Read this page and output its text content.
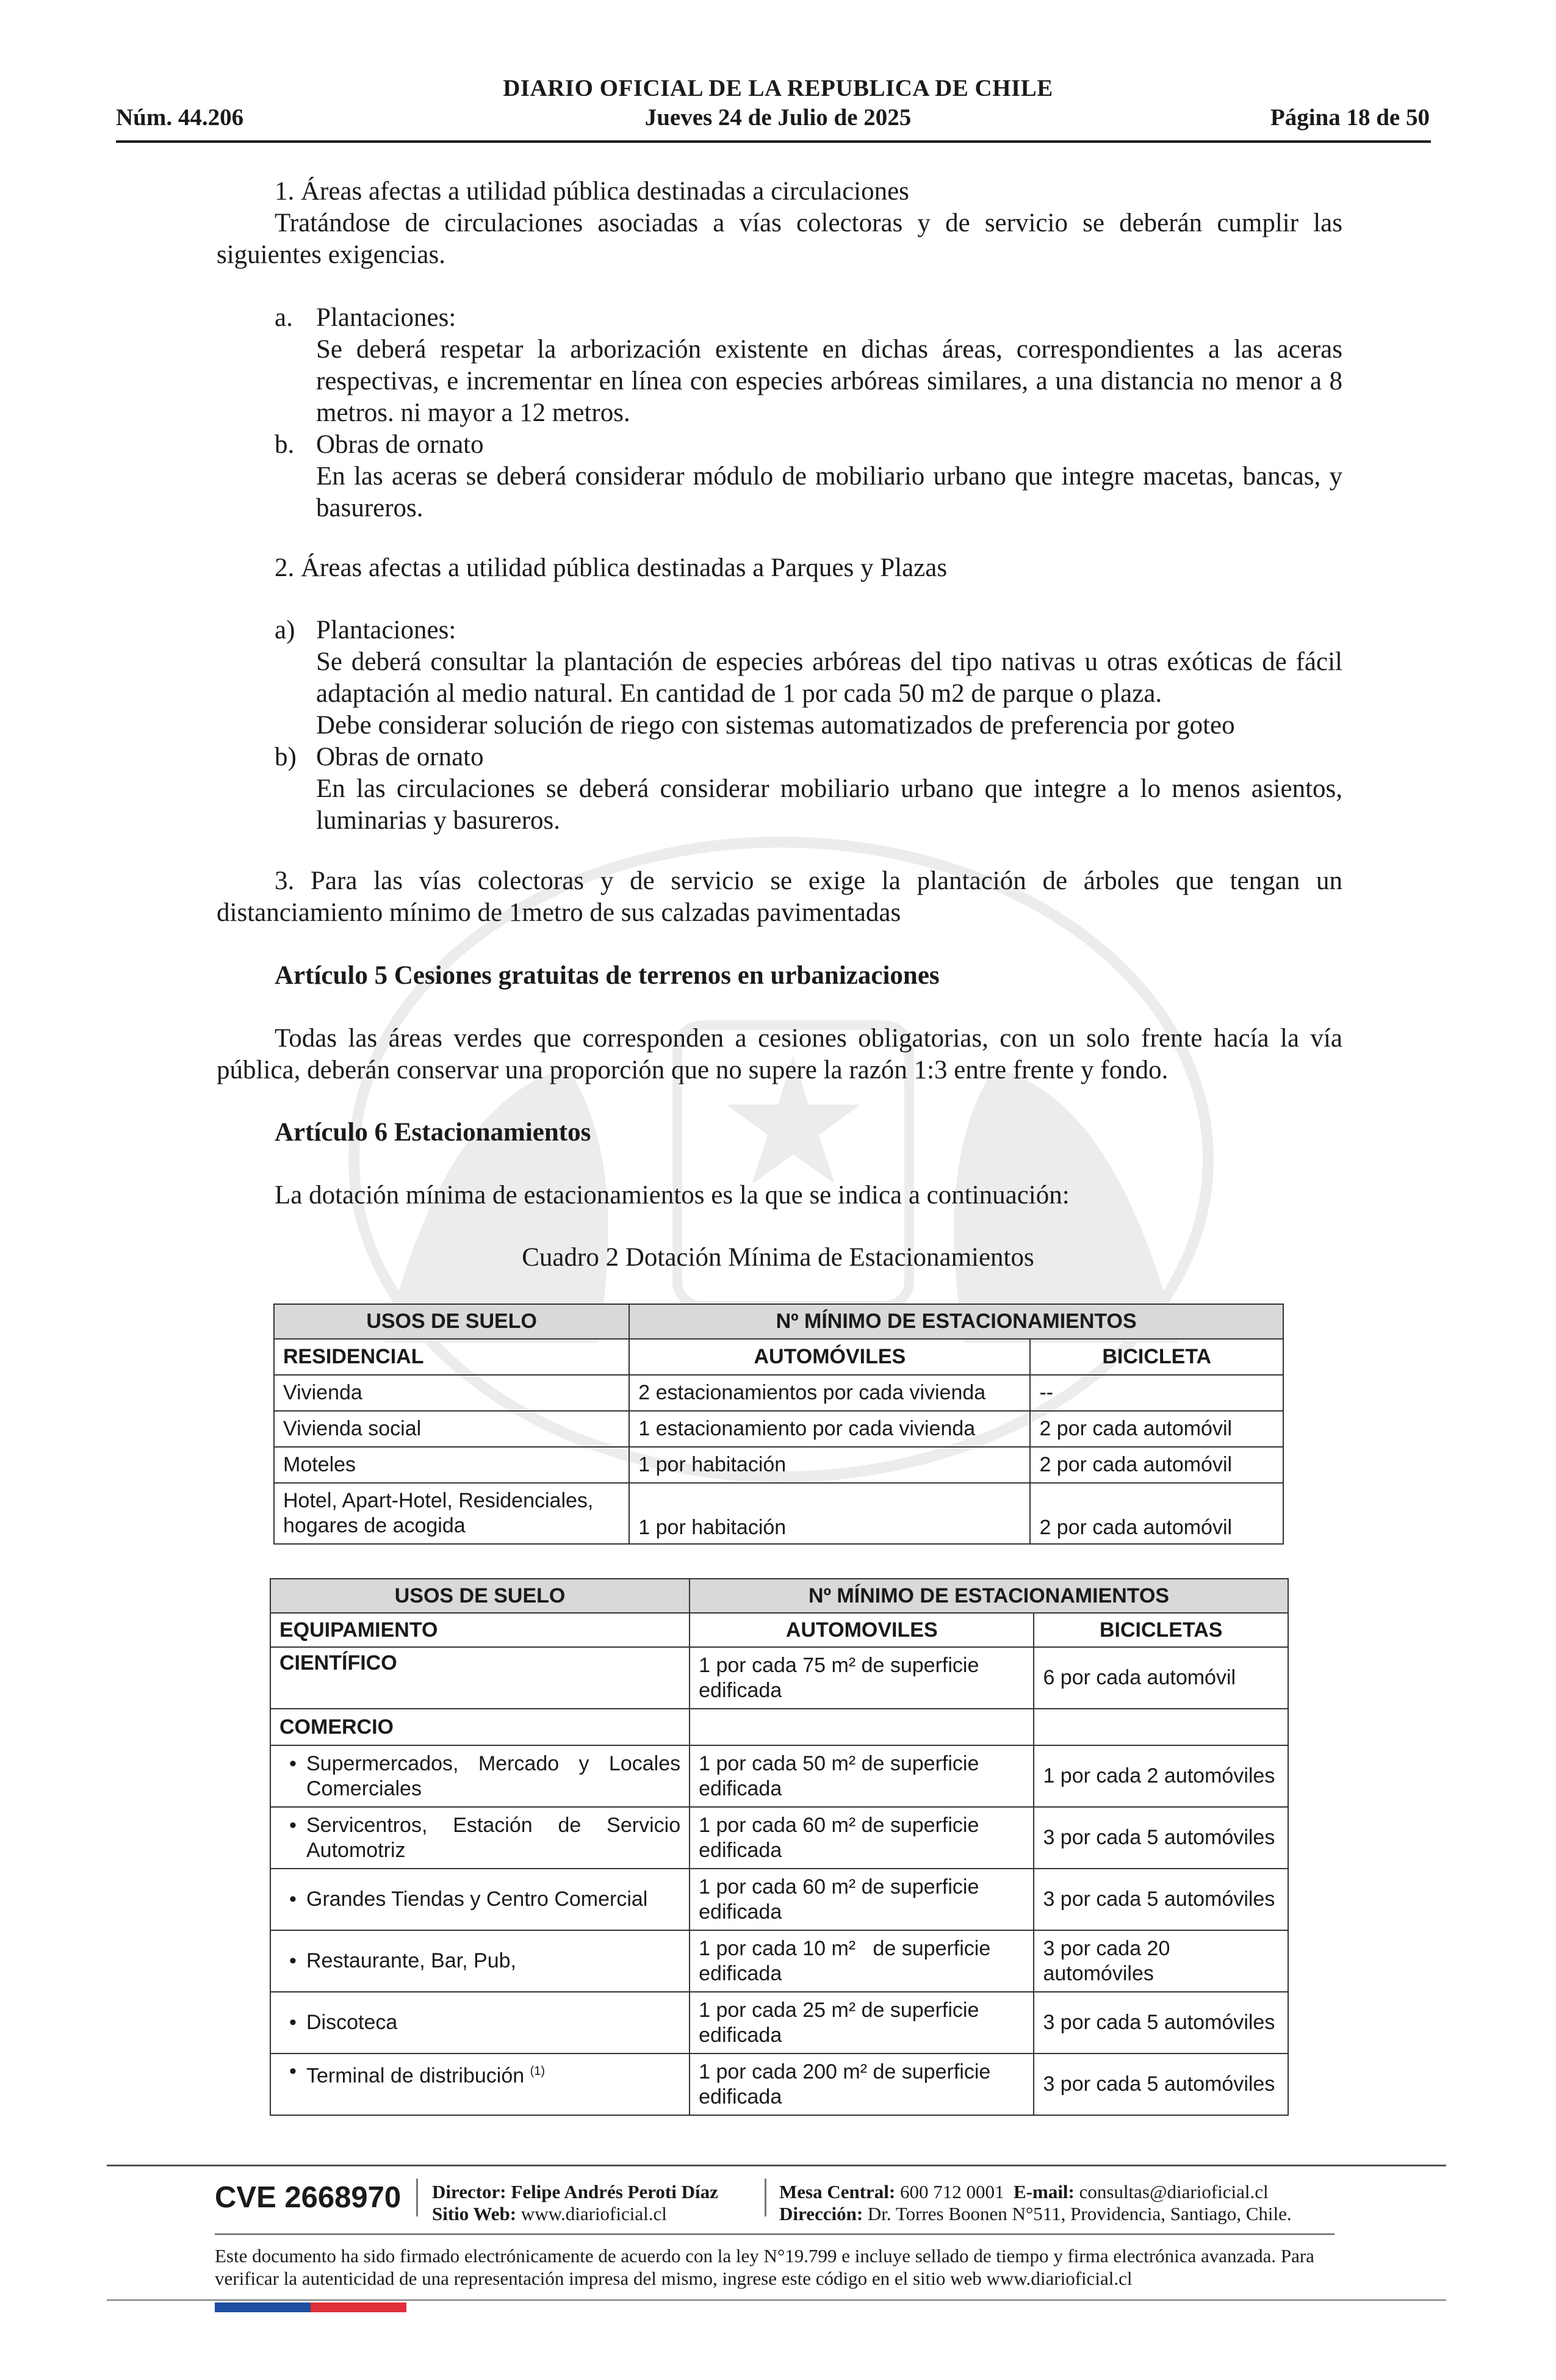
DIARIO OFICIAL DE LA REPUBLICA DE CHILE
Núm. 44.206	Jueves 24 de Julio de 2025	Página 18 de 50
1. Áreas afectas a utilidad pública destinadas a circulaciones
Tratándose de circulaciones asociadas a vías colectoras y de servicio se deberán cumplir las siguientes exigencias.
a. Plantaciones:
Se deberá respetar la arborización existente en dichas áreas, correspondientes a las aceras respectivas, e incrementar en línea con especies arbóreas similares, a una distancia no menor a 8 metros. ni mayor a 12 metros.
b. Obras de ornato
En las aceras se deberá considerar módulo de mobiliario urbano que integre macetas, bancas, y basureros.
2. Áreas afectas a utilidad pública destinadas a Parques y Plazas
a) Plantaciones:
Se deberá consultar la plantación de especies arbóreas del tipo nativas u otras exóticas de fácil adaptación al medio natural. En cantidad de 1 por cada 50 m2 de parque o plaza.
Debe considerar solución de riego con sistemas automatizados de preferencia por goteo
b) Obras de ornato
En las circulaciones se deberá considerar mobiliario urbano que integre a lo menos asientos, luminarias y basureros.
3. Para las vías colectoras y de servicio se exige la plantación de árboles que tengan un distanciamiento mínimo de 1metro de sus calzadas pavimentadas
Artículo 5 Cesiones gratuitas de terrenos en urbanizaciones
Todas las áreas verdes que corresponden a cesiones obligatorias, con un solo frente hacía la vía pública, deberán conservar una proporción que no supere la razón 1:3 entre frente y fondo.
Artículo 6 Estacionamientos
La dotación mínima de estacionamientos es la que se indica a continuación:
Cuadro 2 Dotación Mínima de Estacionamientos
USOS DE SUELO	Nº MÍNIMO DE ESTACIONAMIENTOS	
RESIDENCIAL	AUTOMÓVILES	BICICLETA
Vivienda	2 estacionamientos por cada vivienda	--
Vivienda social	1 estacionamiento por cada vivienda	2 por cada automóvil
Moteles	1 por habitación	2 por cada automóvil
Hotel, Apart-Hotel, Residenciales, hogares de acogida	1 por habitación	2 por cada automóvil
USOS DE SUELO	Nº MÍNIMO DE ESTACIONAMIENTOS	
EQUIPAMIENTO	AUTOMOVILES	BICICLETAS
CIENTÍFICO	1 por cada 75 m² de superficie edificada	6 por cada automóvil
COMERCIO		

• Supermercados, Mercado y Locales Comerciales	1 por cada 50 m² de superficie edificada	1 por cada 2 automóviles

• Servicentros, Estación de Servicio Automotriz	1 por cada 60 m² de superficie edificada	3 por cada 5 automóviles

• Grandes Tiendas y Centro Comercial	1 por cada 60 m² de superficie edificada	3 por cada 5 automóviles

• Restaurante, Bar, Pub,	1 por cada 10 m²   de superficie edificada	3 por cada 20 automóviles

• Discoteca	1 por cada 25 m² de superficie edificada	3 por cada 5 automóviles

• Terminal de distribución $^{(1)}$	1 por cada 200 m² de superficie edificada	3 por cada 5 automóviles
CVE 2668970 Director: Felipe Andrés Peroti Díaz
Sitio Web: www.diarioficial.cl
Mesa Central: 600 712 0001 E-mail: consultas@diarioficial.cl
Dirección: Dr. Torres Boonen N°511, Providencia, Santiago, Chile.
Este documento ha sido firmado electrónicamente de acuerdo con la ley N°19.799 e incluye sellado de tiempo y firma electrónica avanzada. Para verificar la autenticidad de una representación impresa del mismo, ingrese este código en el sitio web www.diarioficial.cl
